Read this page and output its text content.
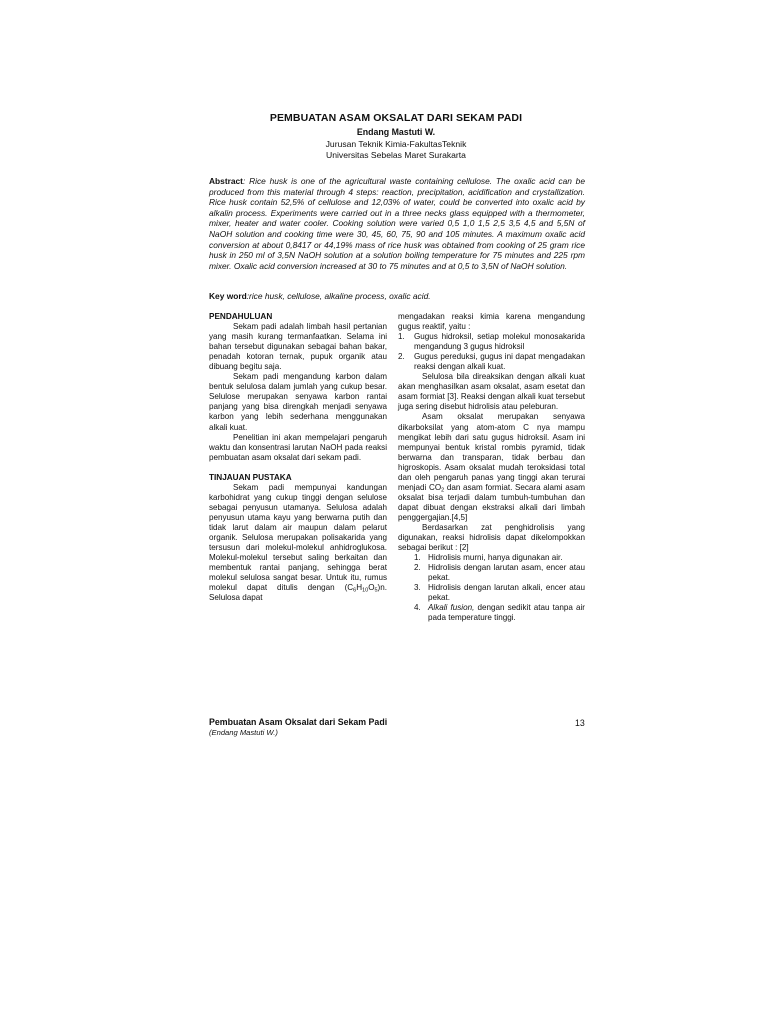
PEMBUATAN ASAM OKSALAT DARI SEKAM PADI
Endang Mastuti W.
Jurusan Teknik Kimia-FakultasTeknik
Universitas Sebelas Maret Surakarta

Abstract: Rice husk is one of the agricultural waste containing cellulose. The oxalic acid can be produced from this material through 4 steps: reaction, precipitation, acidification and crystallization. Rice husk contain 52,5% of cellulose and 12,03% of water, could be converted into oxalic acid by alkalin process. Experiments were carried out in a three necks glass equipped with a thermometer, mixer, heater and water cooler. Cooking solution were varied 0,5 1,0 1,5 2,5 3,5 4,5 and 5,5N of NaOH solution and cooking time were 30, 45, 60, 75, 90 and 105 minutes. A maximum oxalic acid conversion at about 0,8417 or 44,19% mass of rice husk was obtained from cooking of 25 gram rice husk in 250 ml of 3,5N NaOH solution at a solution boiling temperature for 75 minutes and 225 rpm mixer. Oxalic acid conversion increased at 30 to 75 minutes and at 0,5 to 3,5N of NaOH solution.

Key word:rice husk, cellulose, alkaline process, oxalic acid.

PENDAHULUAN

Sekam padi adalah limbah hasil pertanian yang masih kurang termanfaatkan. Selama ini bahan tersebut digunakan sebagai bahan bakar, penadah kotoran ternak, pupuk organik atau dibuang begitu saja.

Sekam padi mengandung karbon dalam bentuk selulosa dalam jumlah yang cukup besar. Selulose merupakan senyawa karbon rantai panjang yang bisa direngkah menjadi senyawa karbon yang lebih sederhana menggunakan alkali kuat.

Penelitian ini akan mempelajari pengaruh waktu dan konsentrasi larutan NaOH pada reaksi pembuatan asam oksalat dari sekam padi.

TINJAUAN PUSTAKA

Sekam padi mempunyai kandungan karbohidrat yang cukup tinggi dengan selulose sebagai penyusun utamanya. Selulosa adalah penyusun utama kayu yang berwarna putih dan tidak larut dalam air maupun dalam pelarut organik. Selulosa merupakan polisakarida yang tersusun dari molekul-molekul anhidroglukosa. Molekul-molekul tersebut saling berkaitan dan membentuk rantai panjang, sehingga berat molekul selulosa sangat besar. Untuk itu, rumus molekul dapat ditulis dengan $(C_6H_{10}O_5)n$. Selulosa dapat

mengadakan reaksi kimia karena mengandung gugus reaktif, yaitu :

1. Gugus hidroksil, setiap molekul monosakarida mengandung 3 gugus hidroksil
2. Gugus pereduksi, gugus ini dapat mengadakan reaksi dengan alkali kuat.

Selulosa bila direaksikan dengan alkali kuat akan menghasilkan asam oksalat, asam esetat dan asam formiat [3]. Reaksi dengan alkali kuat tersebut juga sering disebut hidrolisis atau peleburan.

Asam oksalat merupakan senyawa dikarboksilat yang atom-atom C nya mampu mengikat lebih dari satu gugus hidroksil. Asam ini mempunyai bentuk kristal rombis pyramid, tidak berwarna dan transparan, tidak berbau dan higroskopis. Asam oksalat mudah teroksidasi total dan oleh pengaruh panas yang tinggi akan terurai menjadi $CO_2$ dan asam formiat. Secara alami asam oksalat bisa terjadi dalam tumbuh-tumbuhan dan dapat dibuat dengan ekstraksi alkali dari limbah penggergajian.[4,5]

Berdasarkan zat penghidrolisis yang digunakan, reaksi hidrolisis dapat dikelompokkan sebagai berikut : [2]

1. Hidrolisis murni, hanya digunakan air.
2. Hidrolisis dengan larutan asam, encer atau pekat.
3. Hidrolisis dengan larutan alkali, encer atau pekat.
4. Alkali fusion, dengan sedikit atau tanpa air pada temperature tinggi.
Pembuatan Asam Oksalat dari Sekam Padi
(Endang Mastuti W.)
13
